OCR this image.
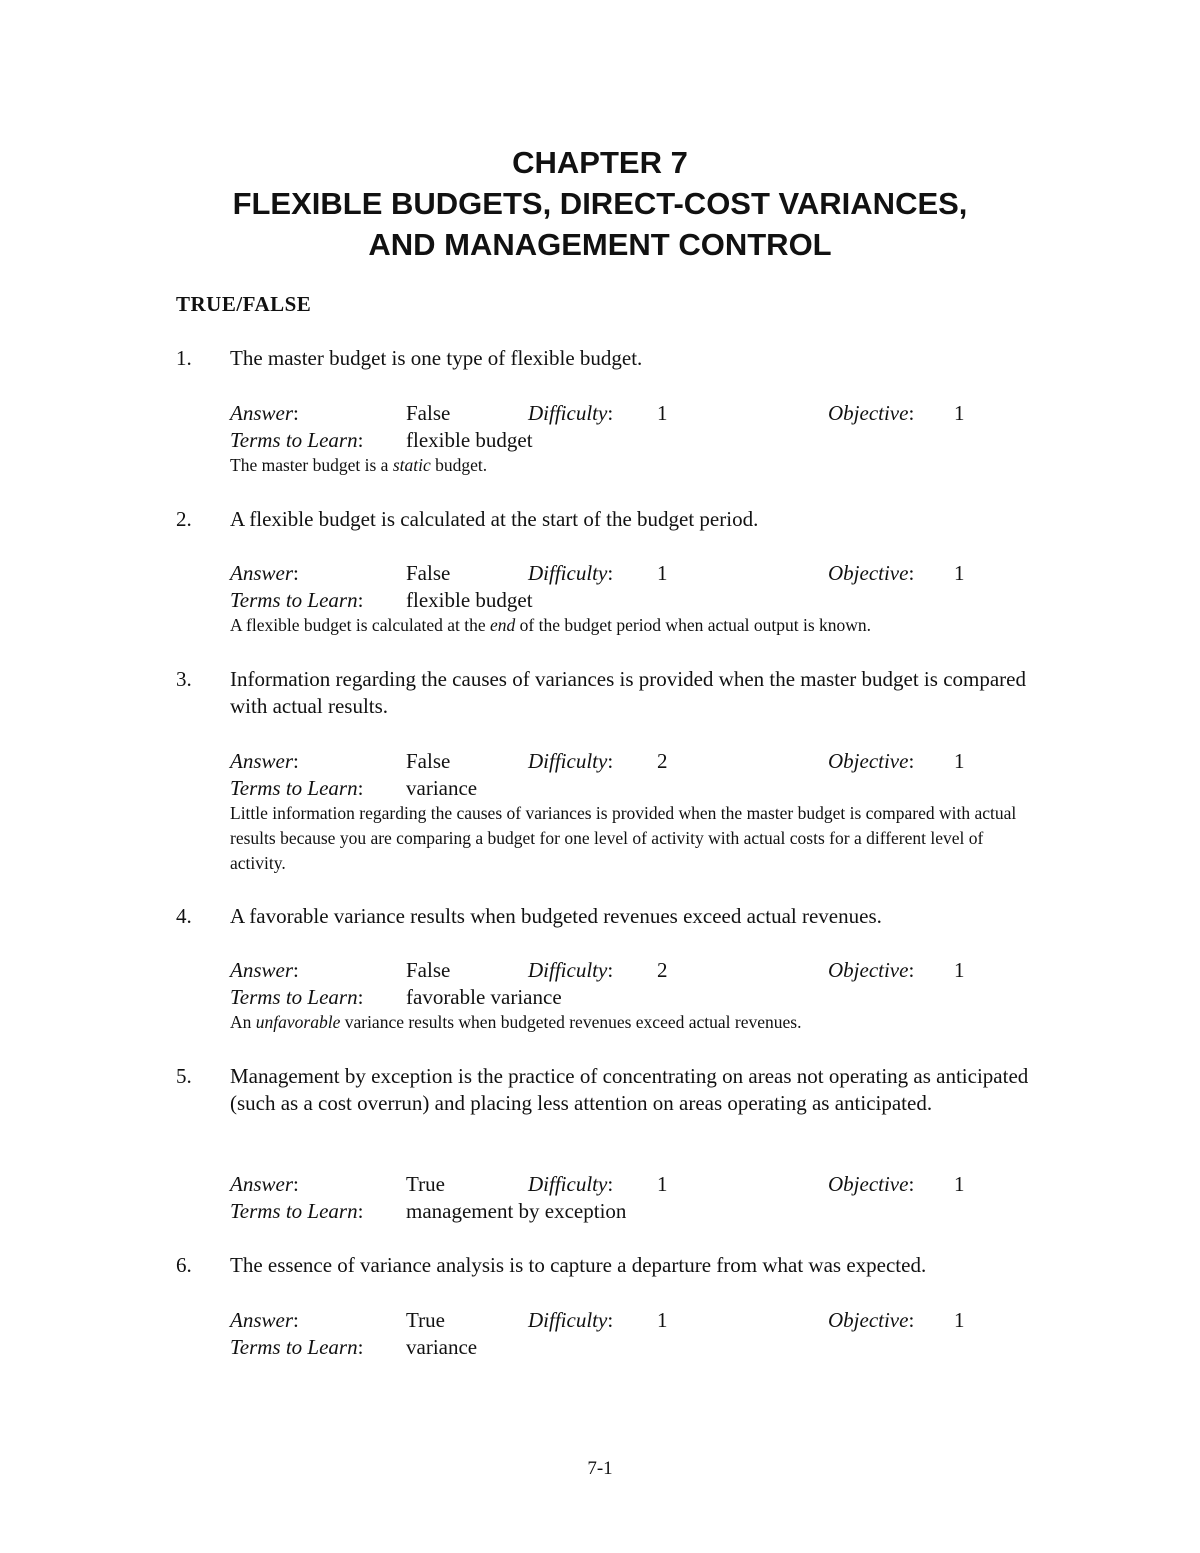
CHAPTER 7
FLEXIBLE BUDGETS, DIRECT-COST VARIANCES,
AND MANAGEMENT CONTROL
TRUE/FALSE
1. The master budget is one type of flexible budget.
Answer:	False	Difficulty: 1	Objective: 1
Terms to Learn: flexible budget
The master budget is a static budget.
2. A flexible budget is calculated at the start of the budget period.
Answer:	False	Difficulty: 1	Objective: 1
Terms to Learn: flexible budget
A flexible budget is calculated at the end of the budget period when actual output is known.
3. Information regarding the causes of variances is provided when the master budget is compared with actual results.
Answer:	False	Difficulty: 2	Objective: 1
Terms to Learn: variance
Little information regarding the causes of variances is provided when the master budget is compared with actual results because you are comparing a budget for one level of activity with actual costs for a different level of activity.
4. A favorable variance results when budgeted revenues exceed actual revenues.
Answer:	False	Difficulty: 2	Objective: 1
Terms to Learn: favorable variance
An unfavorable variance results when budgeted revenues exceed actual revenues.
5. Management by exception is the practice of concentrating on areas not operating as anticipated (such as a cost overrun) and placing less attention on areas operating as anticipated.
Answer:	True	Difficulty: 1	Objective: 1
Terms to Learn: management by exception
6. The essence of variance analysis is to capture a departure from what was expected.
Answer:	True	Difficulty: 1	Objective: 1
Terms to Learn: variance
7-1
